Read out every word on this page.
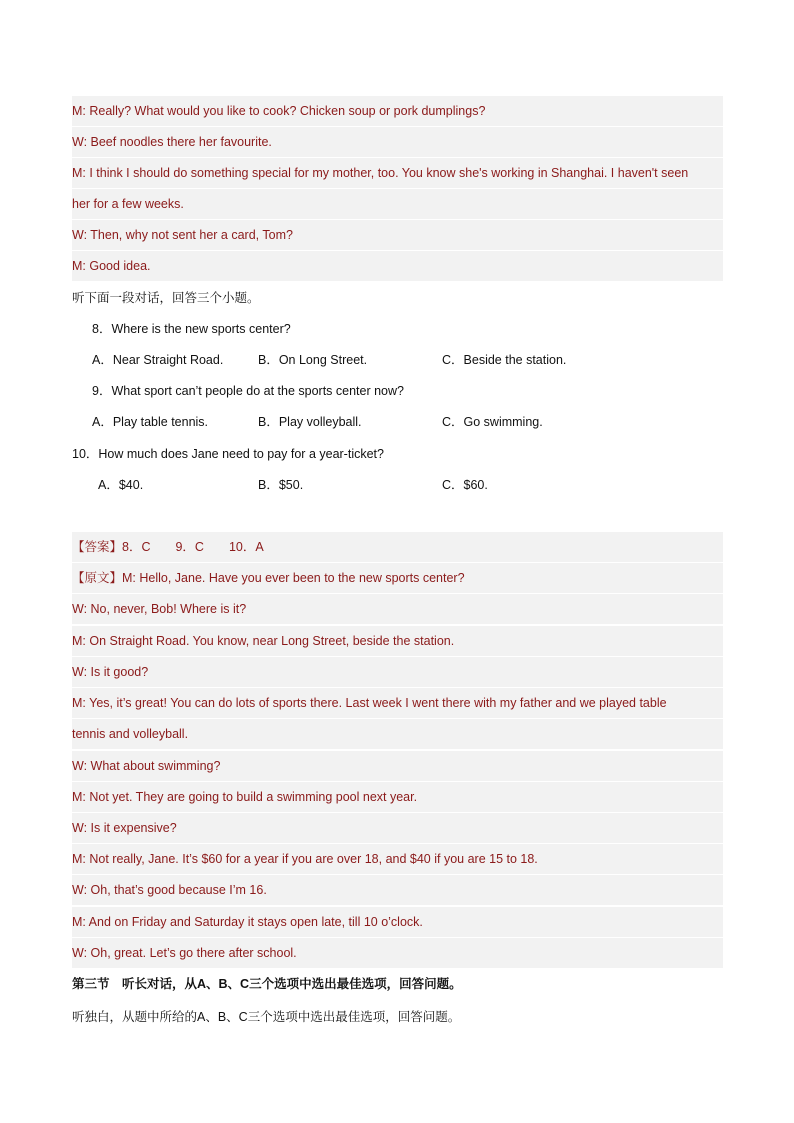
M: Really? What would you like to cook? Chicken soup or pork dumplings?
W: Beef noodles there her favourite.
M: I think I should do something special for my mother, too. You know she's working in Shanghai. I haven't seen
her for a few weeks.
W: Then, why not sent her a card, Tom?
M: Good idea.
听下面一段对话，回答三个小题。
8．Where is the new sports center?
A．Near Straight Road.	B．On Long Street.	C．Beside the station.
9．What sport can’t people do at the sports center now?
A．Play table tennis.	B．Play volleyball.	C．Go swimming.
10．How much does Jane need to pay for a year-ticket?
A．$40.	B．$50.	C．$60.
【答案】8．C　　9．C　　10．A
【原文】M: Hello, Jane. Have you ever been to the new sports center?
W: No, never, Bob! Where is it?
M: On Straight Road. You know, near Long Street, beside the station.
W: Is it good?
M: Yes, it’s great! You can do lots of sports there. Last week I went there with my father and we played table
tennis and volleyball.
W: What about swimming?
M: Not yet. They are going to build a swimming pool next year.
W: Is it expensive?
M: Not really, Jane. It’s $60 for a year if you are over 18, and $40 if you are 15 to 18.
W: Oh, that’s good because I’m 16.
M: And on Friday and Saturday it stays open late, till 10 o’clock.
W: Oh, great. Let’s go there after school.
第三节　听长对话，从A、B、C三个选项中选出最佳选项，回答问题。
听独白，从题中所给的A、B、C三个选项中选出最佳选项，回答问题。
